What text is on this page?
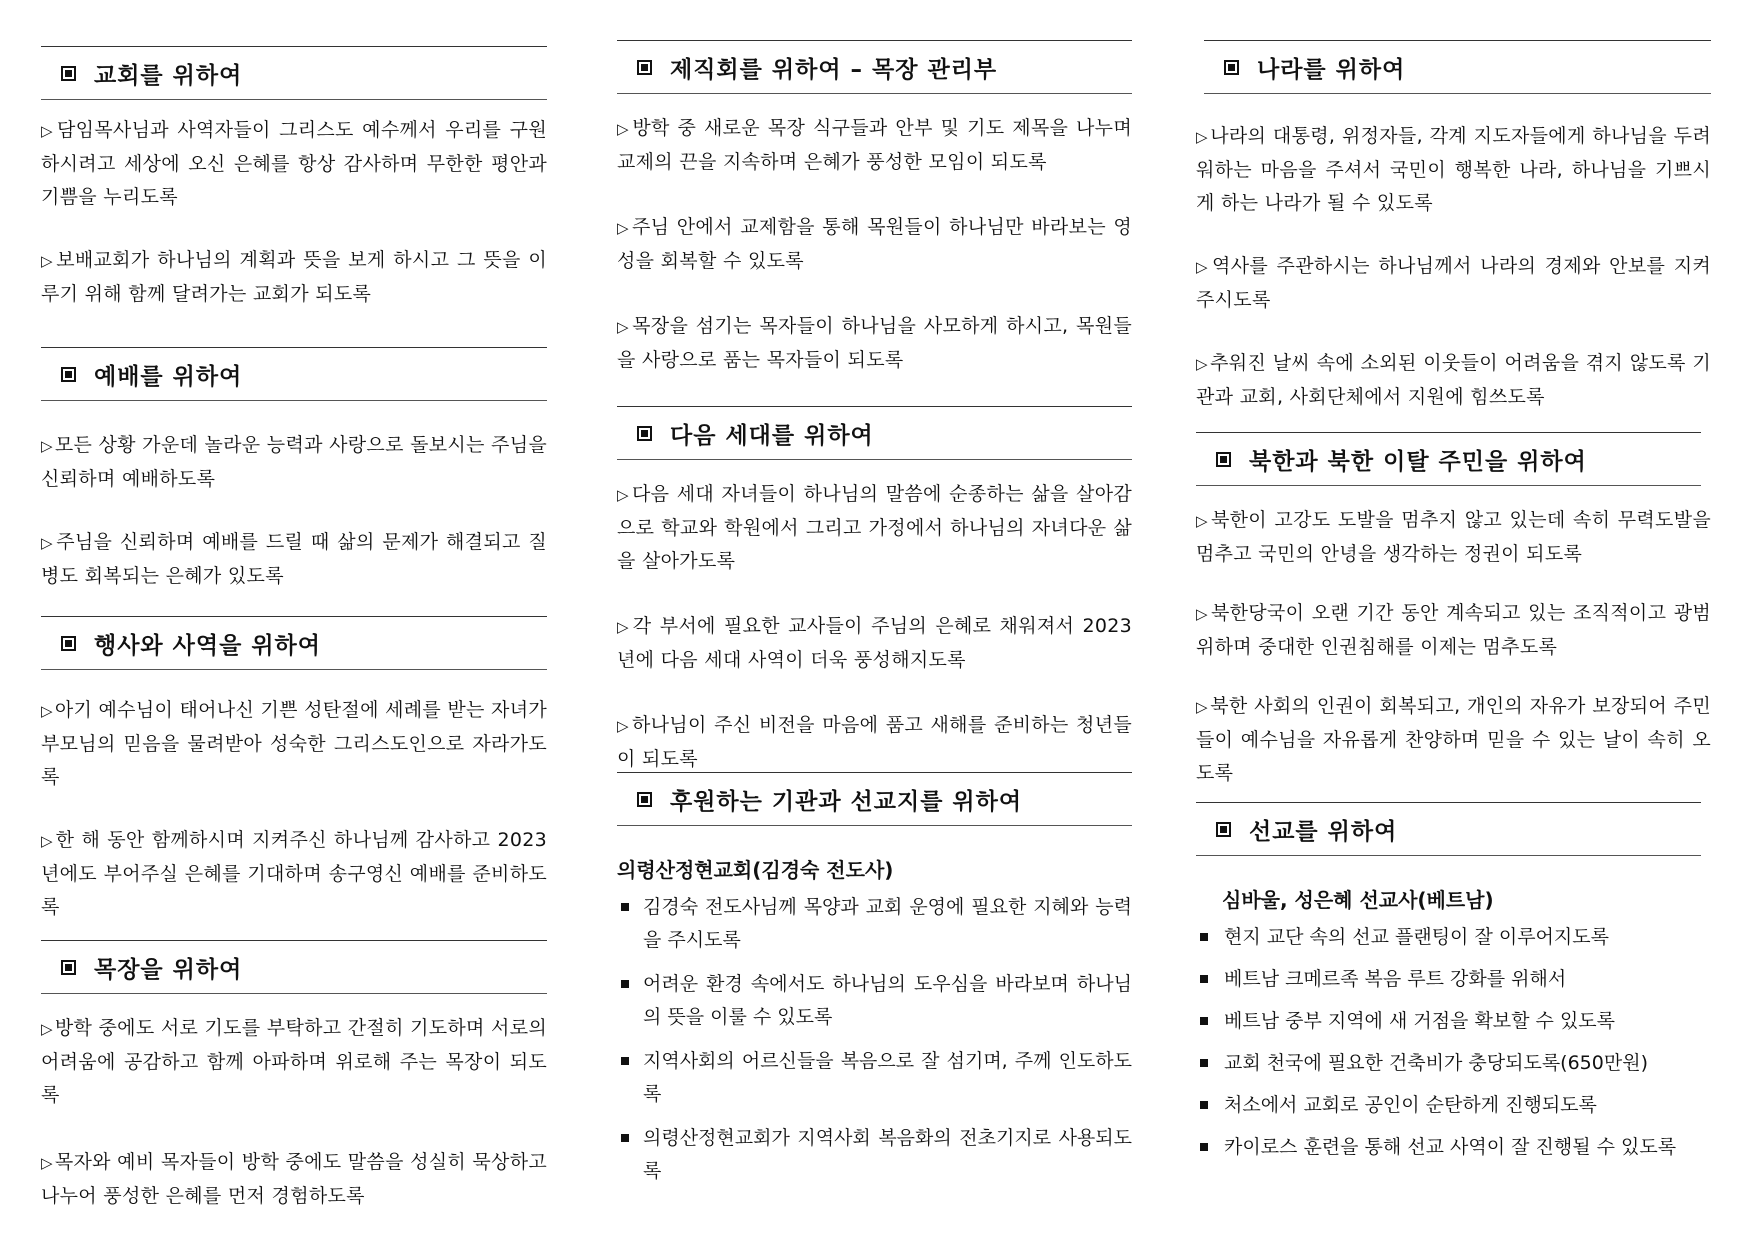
교회를 위하여
▷ 담임목사님과 사역자들이 그리스도 예수께서 우리를 구원하시려고 세상에 오신 은혜를 항상 감사하며 무한한 평안과 기쁨을 누리도록
▷ 보배교회가 하나님의 계획과 뜻을 보게 하시고 그 뜻을 이루기 위해 함께 달려가는 교회가 되도록
예배를 위하여
▷ 모든 상황 가운데 놀라운 능력과 사랑으로 돌보시는 주님을 신뢰하며 예배하도록
▷ 주님을 신뢰하며 예배를 드릴 때 삶의 문제가 해결되고 질병도 회복되는 은혜가 있도록
행사와 사역을 위하여
▷ 아기 예수님이 태어나신 기쁜 성탄절에 세례를 받는 자녀가 부모님의 믿음을 물려받아 성숙한 그리스도인으로 자라가도록
▷ 한 해 동안 함께하시며 지켜주신 하나님께 감사하고 2023년에도 부어주실 은혜를 기대하며 송구영신 예배를 준비하도록
목장을 위하여
▷ 방학 중에도 서로 기도를 부탁하고 간절히 기도하며 서로의 어려움에 공감하고 함께 아파하며 위로해 주는 목장이 되도록
▷ 목자와 예비 목자들이 방학 중에도 말씀을 성실히 묵상하고 나누어 풍성한 은혜를 먼저 경험하도록
제직회를 위하여 – 목장 관리부
▷ 방학 중 새로운 목장 식구들과 안부 및 기도 제목을 나누며 교제의 끈을 지속하며 은혜가 풍성한 모임이 되도록
▷ 주님 안에서 교제함을 통해 목원들이 하나님만 바라보는 영성을 회복할 수 있도록
▷ 목장을 섬기는 목자들이 하나님을 사모하게 하시고, 목원들을 사랑으로 품는 목자들이 되도록
다음 세대를 위하여
▷ 다음 세대 자녀들이 하나님의 말씀에 순종하는 삶을 살아감으로 학교와 학원에서 그리고 가정에서 하나님의 자녀다운 삶을 살아가도록
▷ 각 부서에 필요한 교사들이 주님의 은혜로 채워져서 2023년에 다음 세대 사역이 더욱 풍성해지도록
▷ 하나님이 주신 비전을 마음에 품고 새해를 준비하는 청년들이 되도록
후원하는 기관과 선교지를 위하여
의령산정현교회(김경숙 전도사)
김경숙 전도사님께 목양과 교회 운영에 필요한 지혜와 능력을 주시도록
어려운 환경 속에서도 하나님의 도우심을 바라보며 하나님의 뜻을 이룰 수 있도록
지역사회의 어르신들을 복음으로 잘 섬기며, 주께 인도하도록
의령산정현교회가 지역사회 복음화의 전초기지로 사용되도록
나라를 위하여
▷ 나라의 대통령, 위정자들, 각계 지도자들에게 하나님을 두려워하는 마음을 주셔서 국민이 행복한 나라, 하나님을 기쁘시게 하는 나라가 될 수 있도록
▷ 역사를 주관하시는 하나님께서 나라의 경제와 안보를 지켜주시도록
▷ 추워진 날씨 속에 소외된 이웃들이 어려움을 겪지 않도록 기관과 교회, 사회단체에서 지원에 힘쓰도록
북한과 북한 이탈 주민을 위하여
▷ 북한이 고강도 도발을 멈추지 않고 있는데 속히 무력도발을 멈추고 국민의 안녕을 생각하는 정권이 되도록
▷ 북한당국이 오랜 기간 동안 계속되고 있는 조직적이고 광범위하며 중대한 인권침해를 이제는 멈추도록
▷ 북한 사회의 인권이 회복되고, 개인의 자유가 보장되어 주민들이 예수님을 자유롭게 찬양하며 믿을 수 있는 날이 속히 오도록
선교를 위하여
심바울, 성은혜 선교사(베트남)
현지 교단 속의 선교 플랜팅이 잘 이루어지도록
베트남 크메르족 복음 루트 강화를 위해서
베트남 중부 지역에 새 거점을 확보할 수 있도록
교회 천국에 필요한 건축비가 충당되도록(650만원)
처소에서 교회로 공인이 순탄하게 진행되도록
카이로스 훈련을 통해 선교 사역이 잘 진행될 수 있도록
